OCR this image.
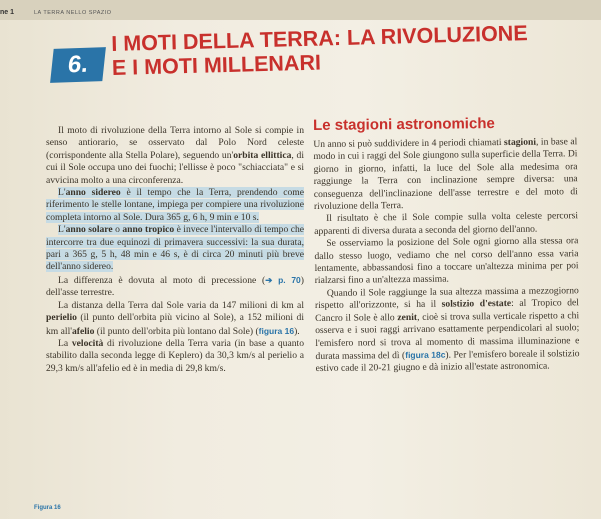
ne 1	LA TERRA NELLO SPAZIO
6.
I MOTI DELLA TERRA: LA RIVOLUZIONE
E I MOTI MILLENARI

Il moto di rivoluzione della Terra intorno al Sole si compie in senso antiorario, se osservato dal Polo Nord celeste (corrispondente alla Stella Polare), seguendo un'orbita ellittica, di cui il Sole occupa uno dei fuochi; l'ellisse è poco "schiacciata" e si avvicina molto a una circonferenza.

L'anno sidereo è il tempo che la Terra, prendendo come riferimento le stelle lontane, impiega per compiere una rivoluzione completa intorno al Sole. Dura 365 g, 6 h, 9 min e 10 s.

L'anno solare o anno tropico è invece l'intervallo di tempo che intercorre tra due equinozi di primavera successivi: la sua durata, pari a 365 g, 5 h, 48 min e 46 s, è di circa 20 minuti più breve dell'anno sidereo.

La differenza è dovuta al moto di precessione (➔ p. 70) dell'asse terrestre.

La distanza della Terra dal Sole varia da 147 milioni di km al perielio (il punto dell'orbita più vicino al Sole), a 152 milioni di km all'afelio (il punto dell'orbita più lontano dal Sole) (figura 16).

La velocità di rivoluzione della Terra varia (in base a quanto stabilito dalla seconda legge di Keplero) da 30,3 km/s al perielio a 29,3 km/s all'afelio ed è in media di 29,8 km/s.

Le stagioni astronomiche

Un anno si può suddividere in 4 periodi chiamati stagioni, in base al modo in cui i raggi del Sole giungono sulla superficie della Terra. Di giorno in giorno, infatti, la luce del Sole alla medesima ora raggiunge la Terra con inclinazione sempre diversa: una conseguenza dell'inclinazione dell'asse terrestre e del moto di rivoluzione della Terra.

Il risultato è che il Sole compie sulla volta celeste percorsi apparenti di diversa durata a seconda del giorno dell'anno.

Se osserviamo la posizione del Sole ogni giorno alla stessa ora dallo stesso luogo, vediamo che nel corso dell'anno essa varia lentamente, abbassandosi fino a toccare un'altezza minima per poi rialzarsi fino a un'altezza massima.

Quando il Sole raggiunge la sua altezza massima a mezzogiorno rispetto all'orizzonte, si ha il solstizio d'estate: al Tropico del Cancro il Sole è allo zenit, cioè si trova sulla verticale rispetto a chi osserva e i suoi raggi arrivano esattamente perpendicolari al suolo; l'emisfero nord si trova al momento di massima illuminazione e durata massima del dì (figura 18c). Per l'emisfero boreale il solstizio estivo cade il 20-21 giugno e dà inizio all'estate astronomica.

Figura 16
